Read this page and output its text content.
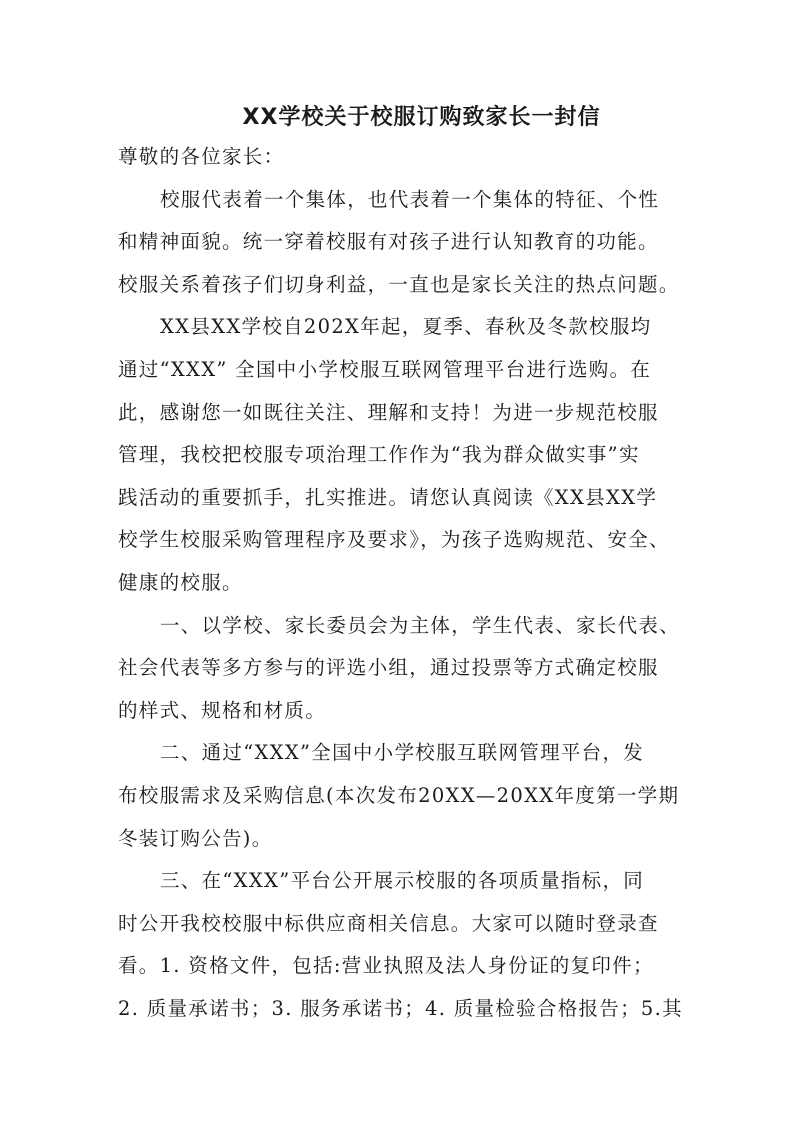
XX学校关于校服订购致家长一封信
尊敬的各位家长：
校服代表着一个集体，也代表着一个集体的特征、个性
和精神面貌。统一穿着校服有对孩子进行认知教育的功能。
校服关系着孩子们切身利益，一直也是家长关注的热点问题。
XX县XX学校自202X年起，夏季、春秋及冬款校服均
通过“XXX” 全国中小学校服互联网管理平台进行选购。在
此，感谢您一如既往关注、理解和支持！为进一步规范校服
管理，我校把校服专项治理工作作为“我为群众做实事”实
践活动的重要抓手，扎实推进。请您认真阅读《XX县XX学
校学生校服采购管理程序及要求》，为孩子选购规范、安全、
健康的校服。
一、以学校、家长委员会为主体，学生代表、家长代表、
社会代表等多方参与的评选小组，通过投票等方式确定校服
的样式、规格和材质。
二、通过“XXX”全国中小学校服互联网管理平台，发
布校服需求及采购信息(本次发布20XX—20XX年度第一学期
冬装订购公告)。
三、在“XXX”平台公开展示校服的各项质量指标，同
时公开我校校服中标供应商相关信息。大家可以随时登录查
看。1. 资格文件，包括:营业执照及法人身份证的复印件；
2. 质量承诺书；3. 服务承诺书；4. 质量检验合格报告；5.其
